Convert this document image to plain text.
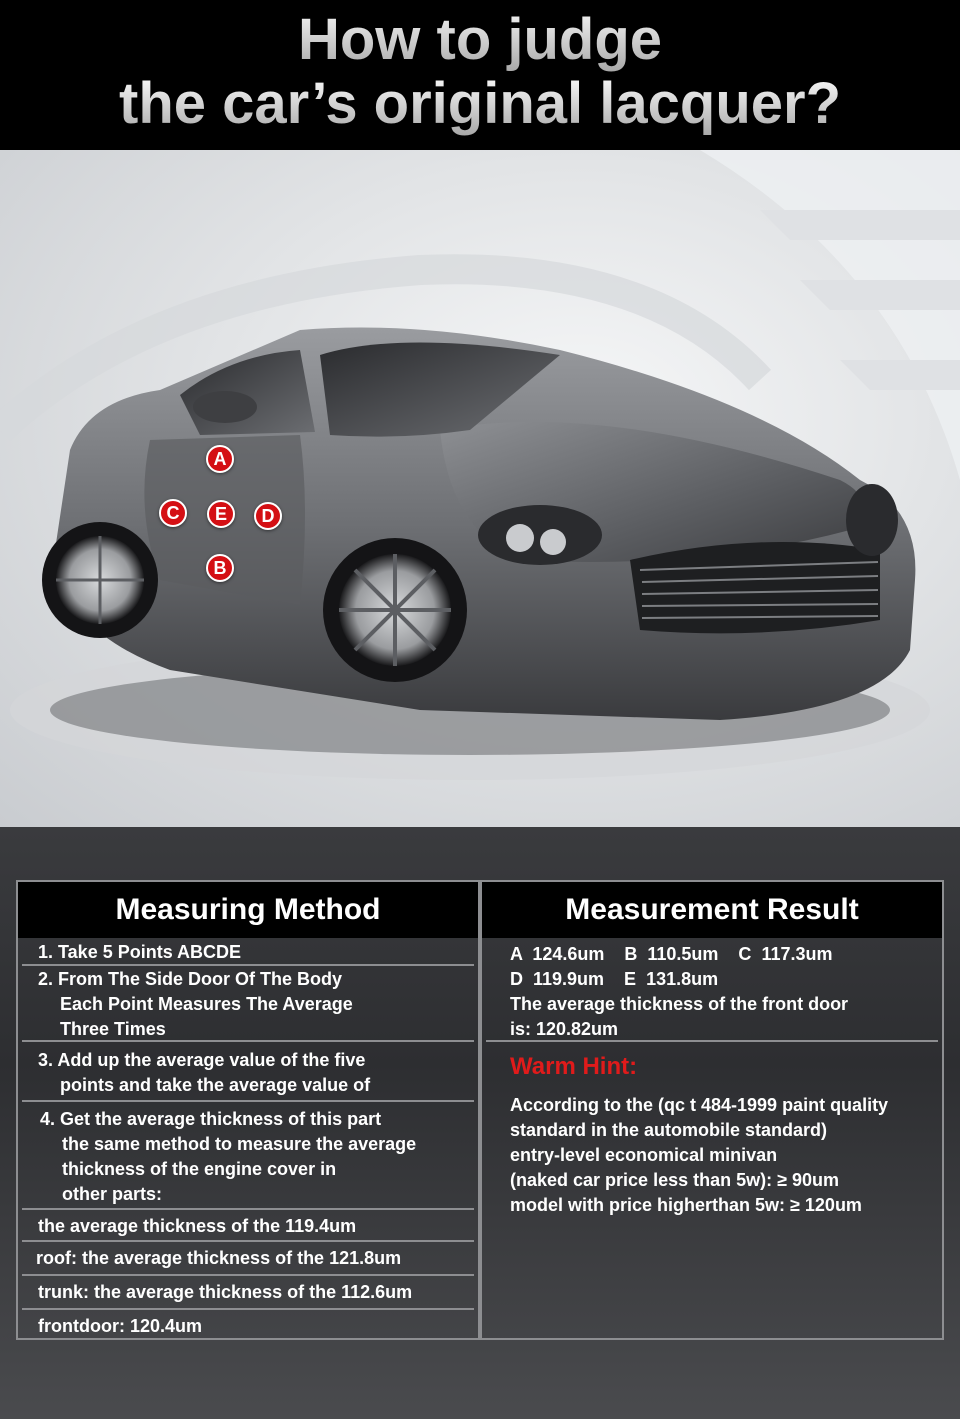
How to judge
the car’s original lacquer?
A
C	E	D
B
Measuring Method
1. Take 5 Points ABCDE
2. From The Side Door Of The Body
Each Point Measures The Average
Three Times
3. Add up the average value of the five
points and take the average value of
4. Get the average thickness of this part
the same method to measure the average
thickness of the engine cover in
other parts:
the average thickness of the 119.4um
roof: the average thickness of the 121.8um
trunk: the average thickness of the 112.6um
frontdoor: 120.4um
Measurement Result
A  124.6um    B  110.5um    C  117.3um
D  119.9um    E  131.8um
The average thickness of the front door
is: 120.82um
Warm Hint:
According to the (qc t 484-1999 paint quality
standard in the automobile standard)
entry-level economical minivan
(naked car price less than 5w): ≥ 90um
model with price higherthan 5w: ≥ 120um
